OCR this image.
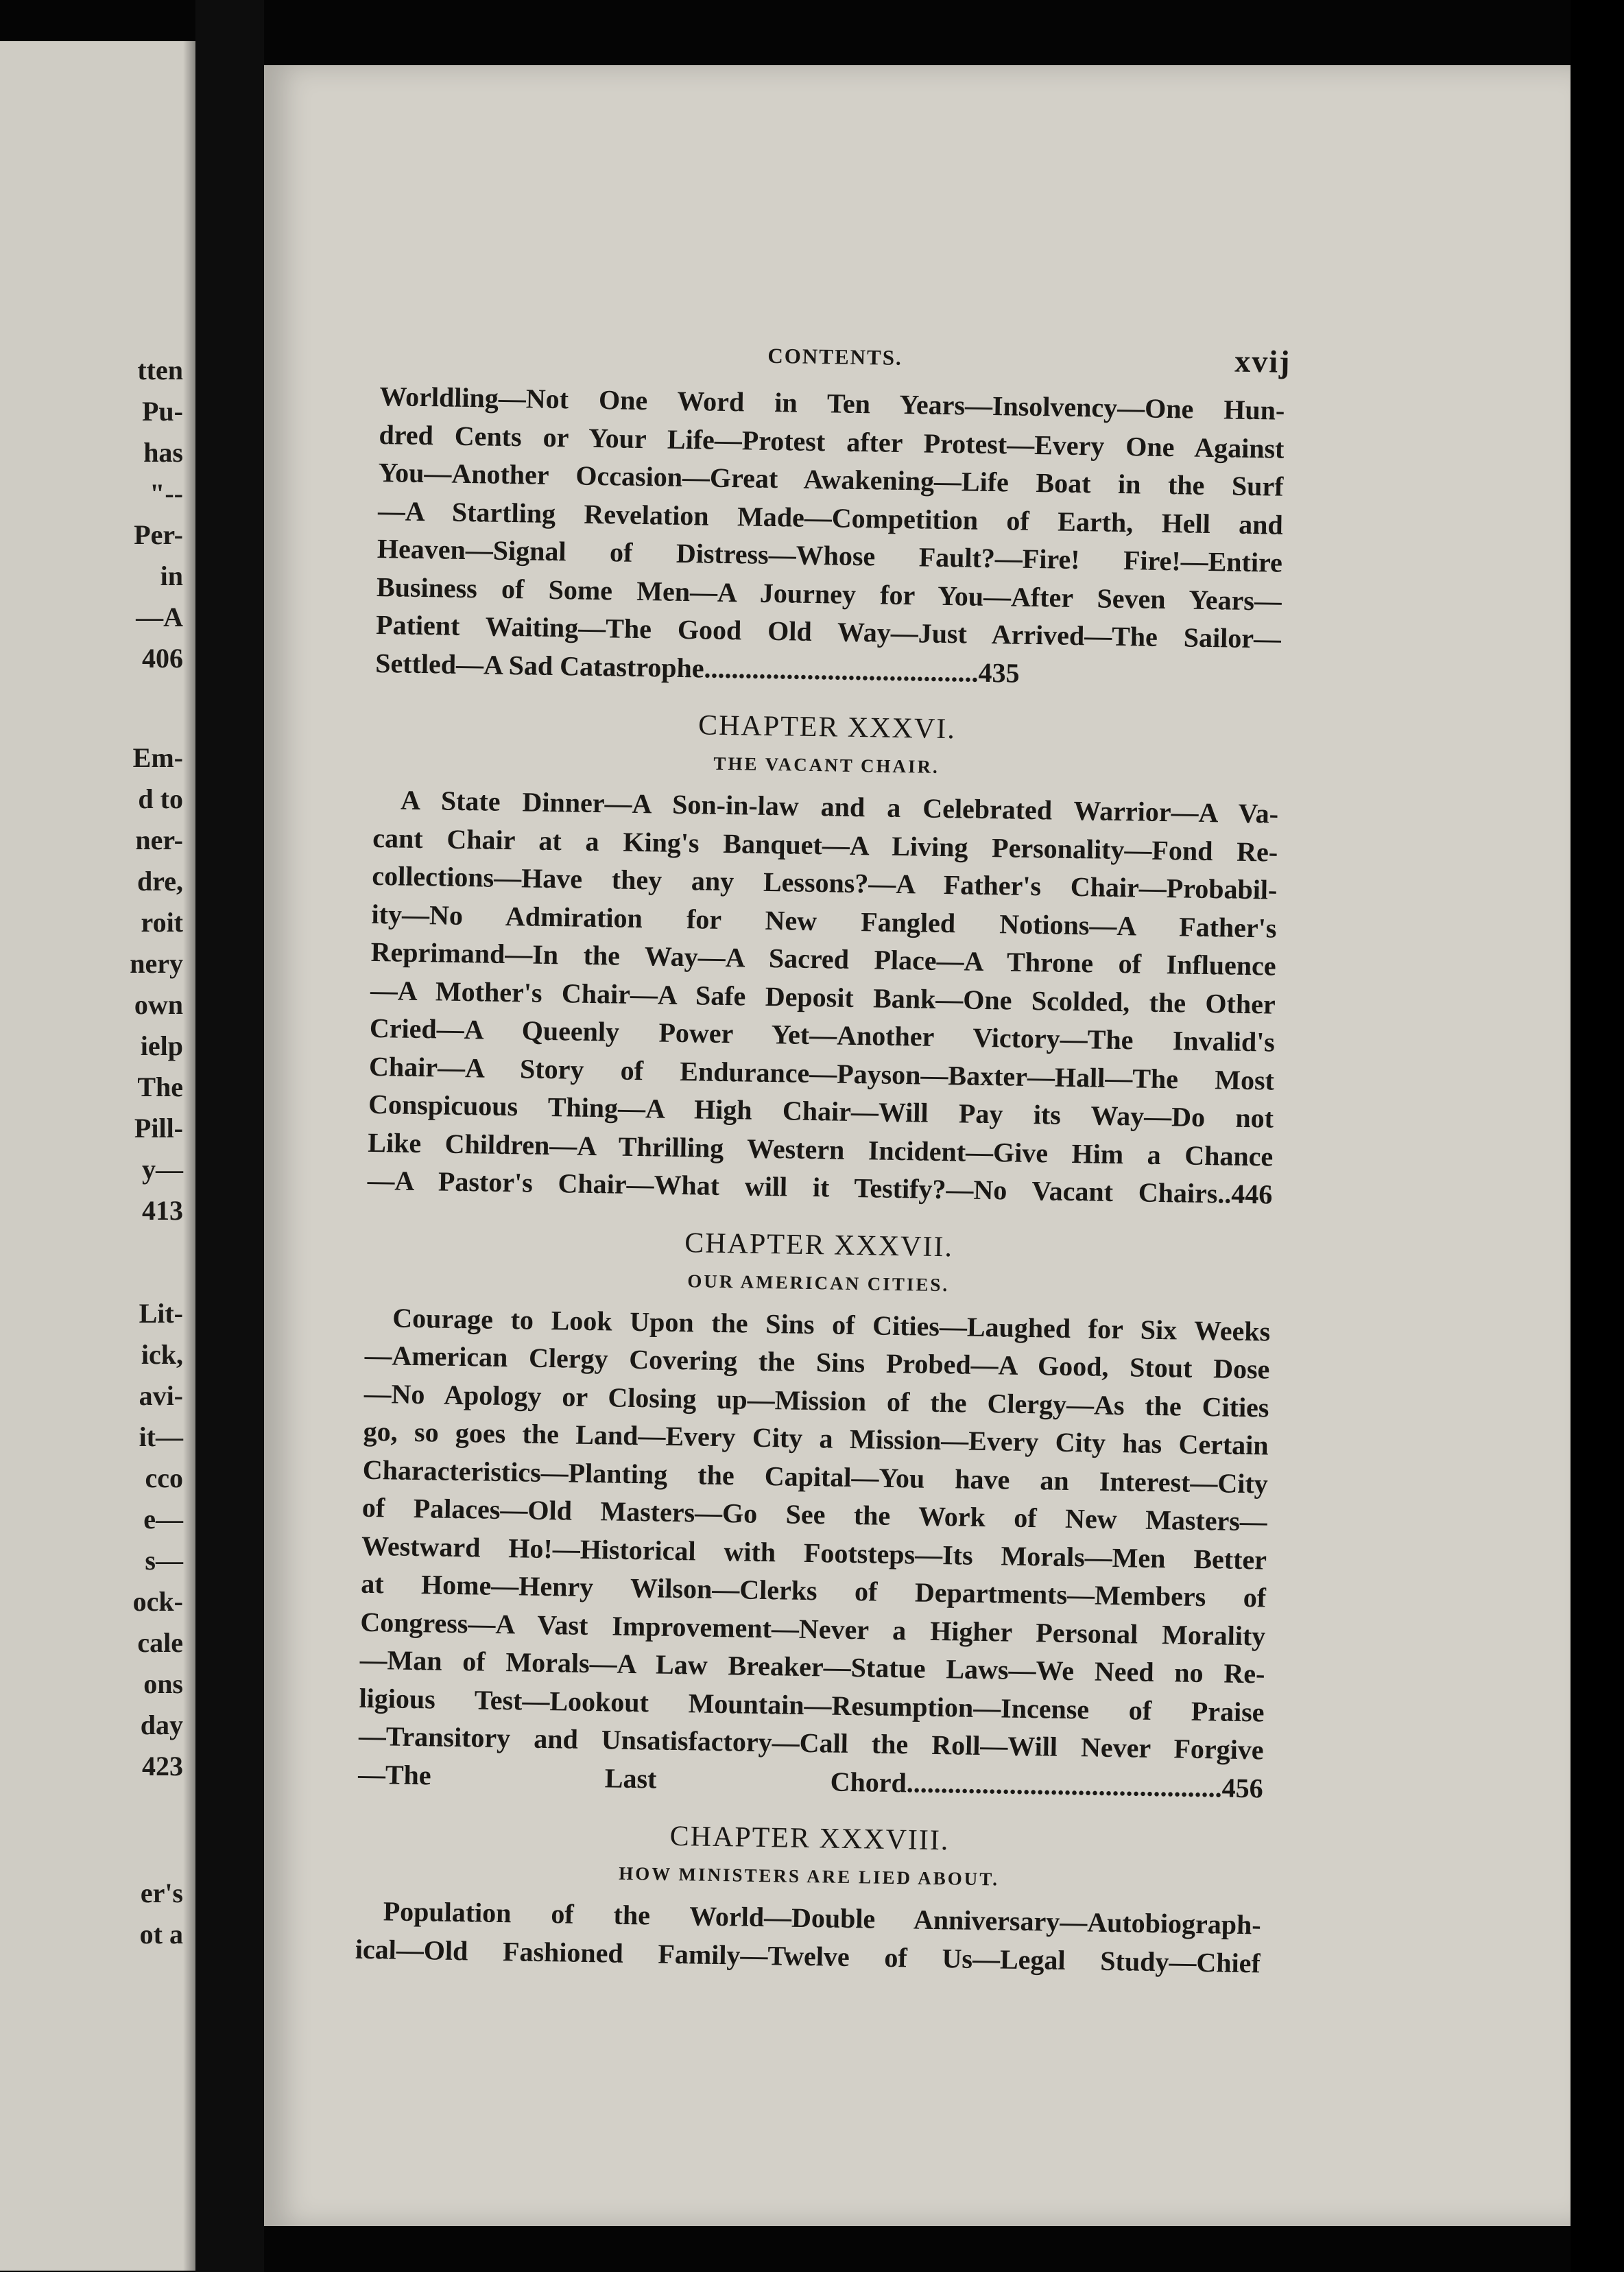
tten
Pu-
has
"--
Per-
in
—A
406
Em-
d to
ner-
dre,
roit
nery
own
ielp
The
Pill-
y—
413
Lit-
ick,
avi-
it—
cco
e—
s—
ock-
cale
ons
day
423
er's
ot a
CONTENTS.	xvij
Worldling—Not One Word in Ten Years—Insolvency—One Hun-
dred Cents or Your Life—Protest after Protest—Every One Against
You—Another Occasion—Great Awakening—Life Boat in the Surf
—A Startling Revelation Made—Competition of Earth, Hell and
Heaven—Signal of Distress—Whose Fault?—Fire! Fire!—Entire
Business of Some Men—A Journey for You—After Seven Years—
Patient Waiting—The Good Old Way—Just Arrived—The Sailor—
Settled—A Sad Catastrophe........................................435
CHAPTER XXXVI.
THE VACANT CHAIR.
A State Dinner—A Son-in-law and a Celebrated Warrior—A Va-
cant Chair at a King's Banquet—A Living Personality—Fond Re-
collections—Have they any Lessons?—A Father's Chair—Probabil-
ity—No Admiration for New Fangled Notions—A Father's
Reprimand—In the Way—A Sacred Place—A Throne of Influence
—A Mother's Chair—A Safe Deposit Bank—One Scolded, the Other
Cried—A Queenly Power Yet—Another Victory—The Invalid's
Chair—A Story of Endurance—Payson—Baxter—Hall—The Most
Conspicuous Thing—A High Chair—Will Pay its Way—Do not
Like Children—A Thrilling Western Incident—Give Him a Chance
—A Pastor's Chair—What will it Testify?—No Vacant Chairs..446
CHAPTER XXXVII.
OUR AMERICAN CITIES.
Courage to Look Upon the Sins of Cities—Laughed for Six Weeks
—American Clergy Covering the Sins Probed—A Good, Stout Dose
—No Apology or Closing up—Mission of the Clergy—As the Cities
go, so goes the Land—Every City a Mission—Every City has Certain
Characteristics—Planting the Capital—You have an Interest—City
of Palaces—Old Masters—Go See the Work of New Masters—
Westward Ho!—Historical with Footsteps—Its Morals—Men Better
at Home—Henry Wilson—Clerks of Departments—Members of
Congress—A Vast Improvement—Never a Higher Personal Morality
—Man of Morals—A Law Breaker—Statue Laws—We Need no Re-
ligious Test—Lookout Mountain—Resumption—Incense of Praise
—Transitory and Unsatisfactory—Call the Roll—Will Never Forgive
—The Last Chord..............................................456
CHAPTER XXXVIII.
HOW MINISTERS ARE LIED ABOUT.
Population of the World—Double Anniversary—Autobiograph-
ical—Old Fashioned Family—Twelve of Us—Legal Study—Chief
